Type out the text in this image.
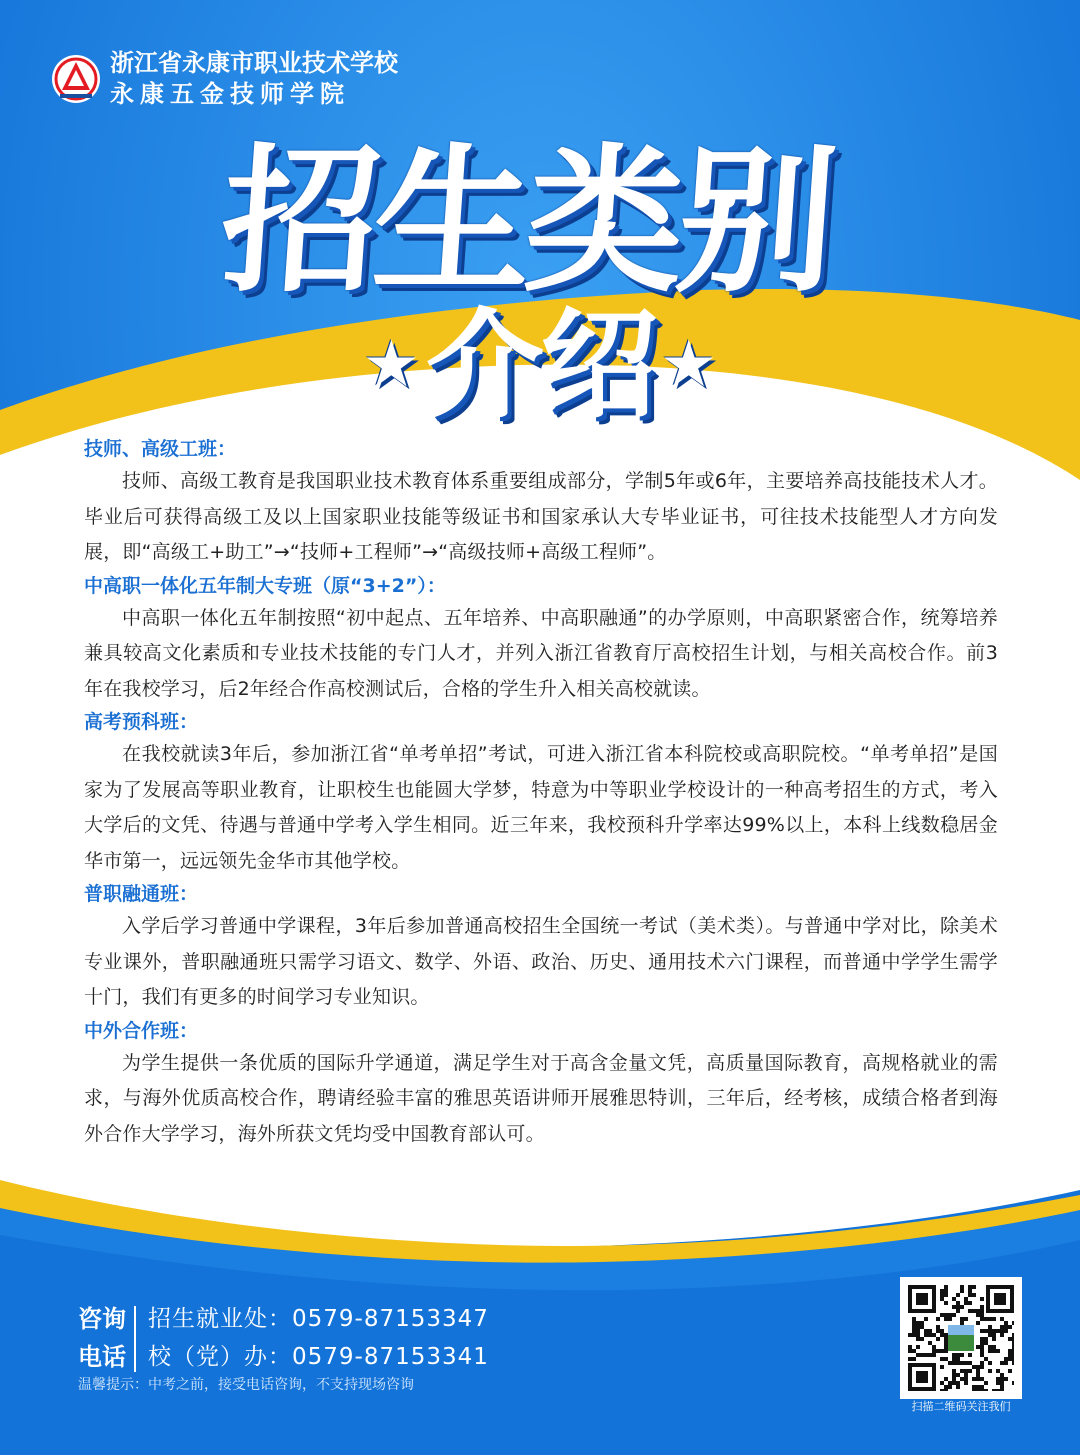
浙江省永康市职业技术学校
永康五金技师学院
招生类别
★ 介绍 ★
技师、高级工班：
技师、高级工教育是我国职业技术教育体系重要组成部分，学制5年或6年，主要培养高技能技术人才。毕业后可获得高级工及以上国家职业技能等级证书和国家承认大专毕业证书，可往技术技能型人才方向发展，即“高级工+助工”→“技师+工程师”→“高级技师+高级工程师”。
中高职一体化五年制大专班（原“3+2”）：
中高职一体化五年制按照“初中起点、五年培养、中高职融通”的办学原则，中高职紧密合作，统筹培养兼具较高文化素质和专业技术技能的专门人才，并列入浙江省教育厅高校招生计划，与相关高校合作。前3年在我校学习，后2年经合作高校测试后，合格的学生升入相关高校就读。
高考预科班：
在我校就读3年后，参加浙江省“单考单招”考试，可进入浙江省本科院校或高职院校。“单考单招”是国家为了发展高等职业教育，让职校生也能圆大学梦，特意为中等职业学校设计的一种高考招生的方式，考入大学后的文凭、待遇与普通中学考入学生相同。近三年来，我校预科升学率达99%以上，本科上线数稳居金华市第一，远远领先金华市其他学校。
普职融通班：
入学后学习普通中学课程，3年后参加普通高校招生全国统一考试（美术类）。与普通中学对比，除美术专业课外，普职融通班只需学习语文、数学、外语、政治、历史、通用技术六门课程，而普通中学学生需学十门，我们有更多的时间学习专业知识。
中外合作班：
为学生提供一条优质的国际升学通道，满足学生对于高含金量文凭，高质量国际教育，高规格就业的需求，与海外优质高校合作，聘请经验丰富的雅思英语讲师开展雅思特训，三年后，经考核，成绩合格者到海外合作大学学习，海外所获文凭均受中国教育部认可。
咨询
电话
招生就业处：0579-87153347
校（党）办：0579-87153341
温馨提示：中考之前，接受电话咨询，不支持现场咨询
扫描二维码关注我们
